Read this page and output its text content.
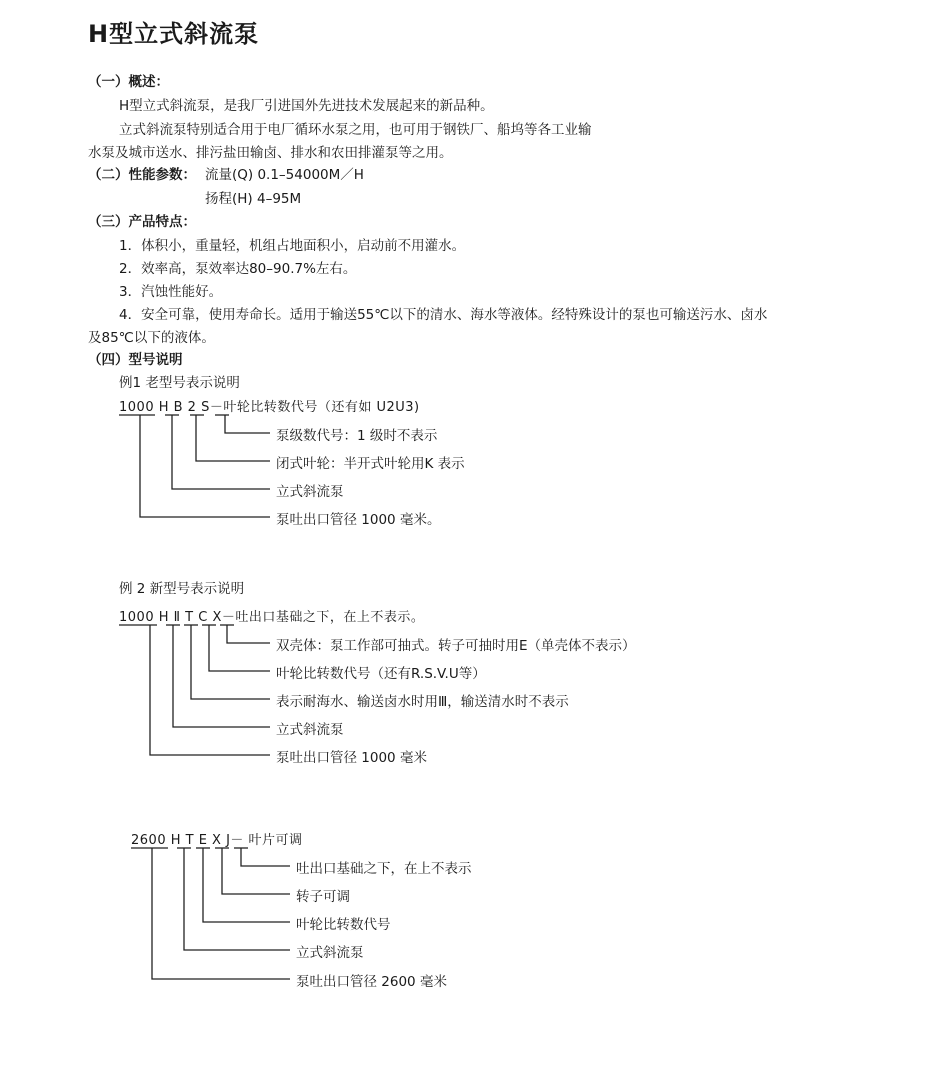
H型立式斜流泵
（一）概述：
H型立式斜流泵，是我厂引进国外先进技术发展起来的新品种。
立式斜流泵特别适合用于电厂循环水泵之用，也可用于钢铁厂、船坞等各工业输
水泵及城市送水、排污盐田输卤、排水和农田排灌泵等之用。
（二）性能参数： 流量(Q) 0.1–54000M／H
扬程(H) 4–95M
（三）产品特点：
1．体积小，重量轻，机组占地面积小，启动前不用灌水。
2．效率高，泵效率达80–90.7%左右。
3．汽蚀性能好。
4．安全可靠，使用寿命长。适用于输送55℃以下的清水、海水等液体。经特殊设计的泵也可输送污水、卤水
及85℃以下的液体。
（四）型号说明
例1 老型号表示说明
1000 H B 2 S－叶轮比转数代号（还有如 U2U3)
泵级数代号：1 级时不表示
闭式叶轮：半开式叶轮用K 表示
立式斜流泵
泵吐出口管径 1000 毫米。
例 2 新型号表示说明
1000 H Ⅱ T C X－吐出口基础之下，在上不表示。
双壳体：泵工作部可抽式。转子可抽时用E（单壳体不表示）
叶轮比转数代号（还有R.S.V.U等）
表示耐海水、输送卤水时用Ⅲ，输送清水时不表示
立式斜流泵
泵吐出口管径 1000 毫米
2600 H T E X J－ 叶片可调
吐出口基础之下，在上不表示
转子可调
叶轮比转数代号
立式斜流泵
泵吐出口管径 2600 毫米
